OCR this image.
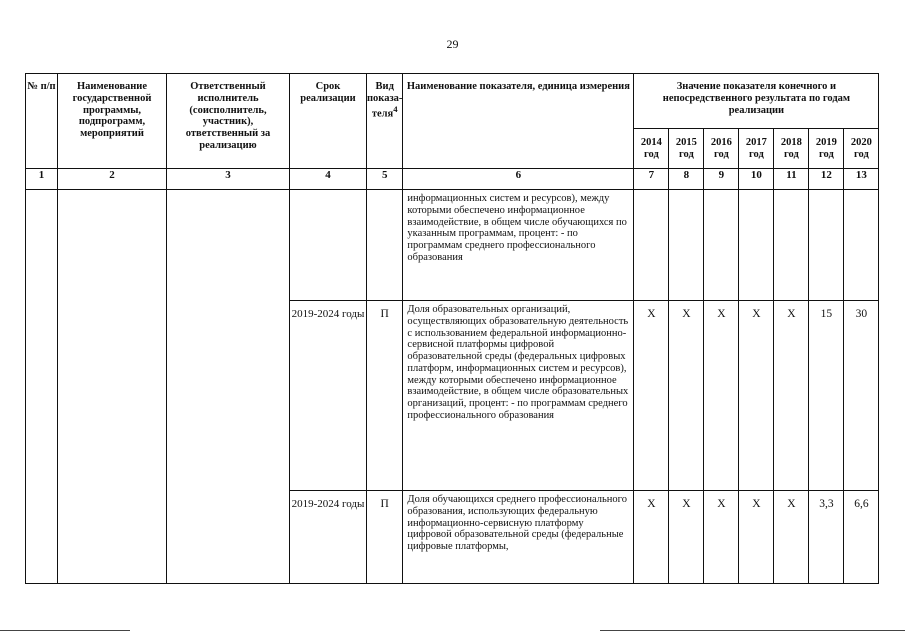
29
№ п/п	Наименование государственной программы, подпрограмм, мероприятий	Ответственный исполнитель (соисполнитель, участник), ответственный за реализацию	Срок реализации	Вид показа-теля$^4$	Наименование показателя, единица измерения	Значение показателя конечного и непосредственного результата по годам реализации						
						2014 год	2015 год	2016 год	2017 год	2018 год	2019 год	2020 год
1	2	3	4	5	6	7	8	9	10	11	12	13
					информационных систем и ресурсов), между которыми обеспечено информационное взаимодействие, в общем числе обучающихся по указанным программам, процент: - по программам среднего профессионального образования							
			2019-2024 годы	П	Доля образовательных организаций, осуществляющих образовательную деятельность с использованием федеральной информационно-сервисной платформы цифровой образовательной среды (федеральных цифровых платформ, информационных систем и ресурсов), между которыми обеспечено информационное взаимодействие, в общем числе образовательных организаций, процент: - по программам среднего профессионального образования	Х	Х	Х	Х	Х	15	30
			2019-2024 годы	П	Доля обучающихся среднего профессионального образования, использующих федеральную информационно-сервисную платформу цифровой образовательной среды (федеральные цифровые платформы,	Х	Х	Х	Х	Х	3,3	6,6
